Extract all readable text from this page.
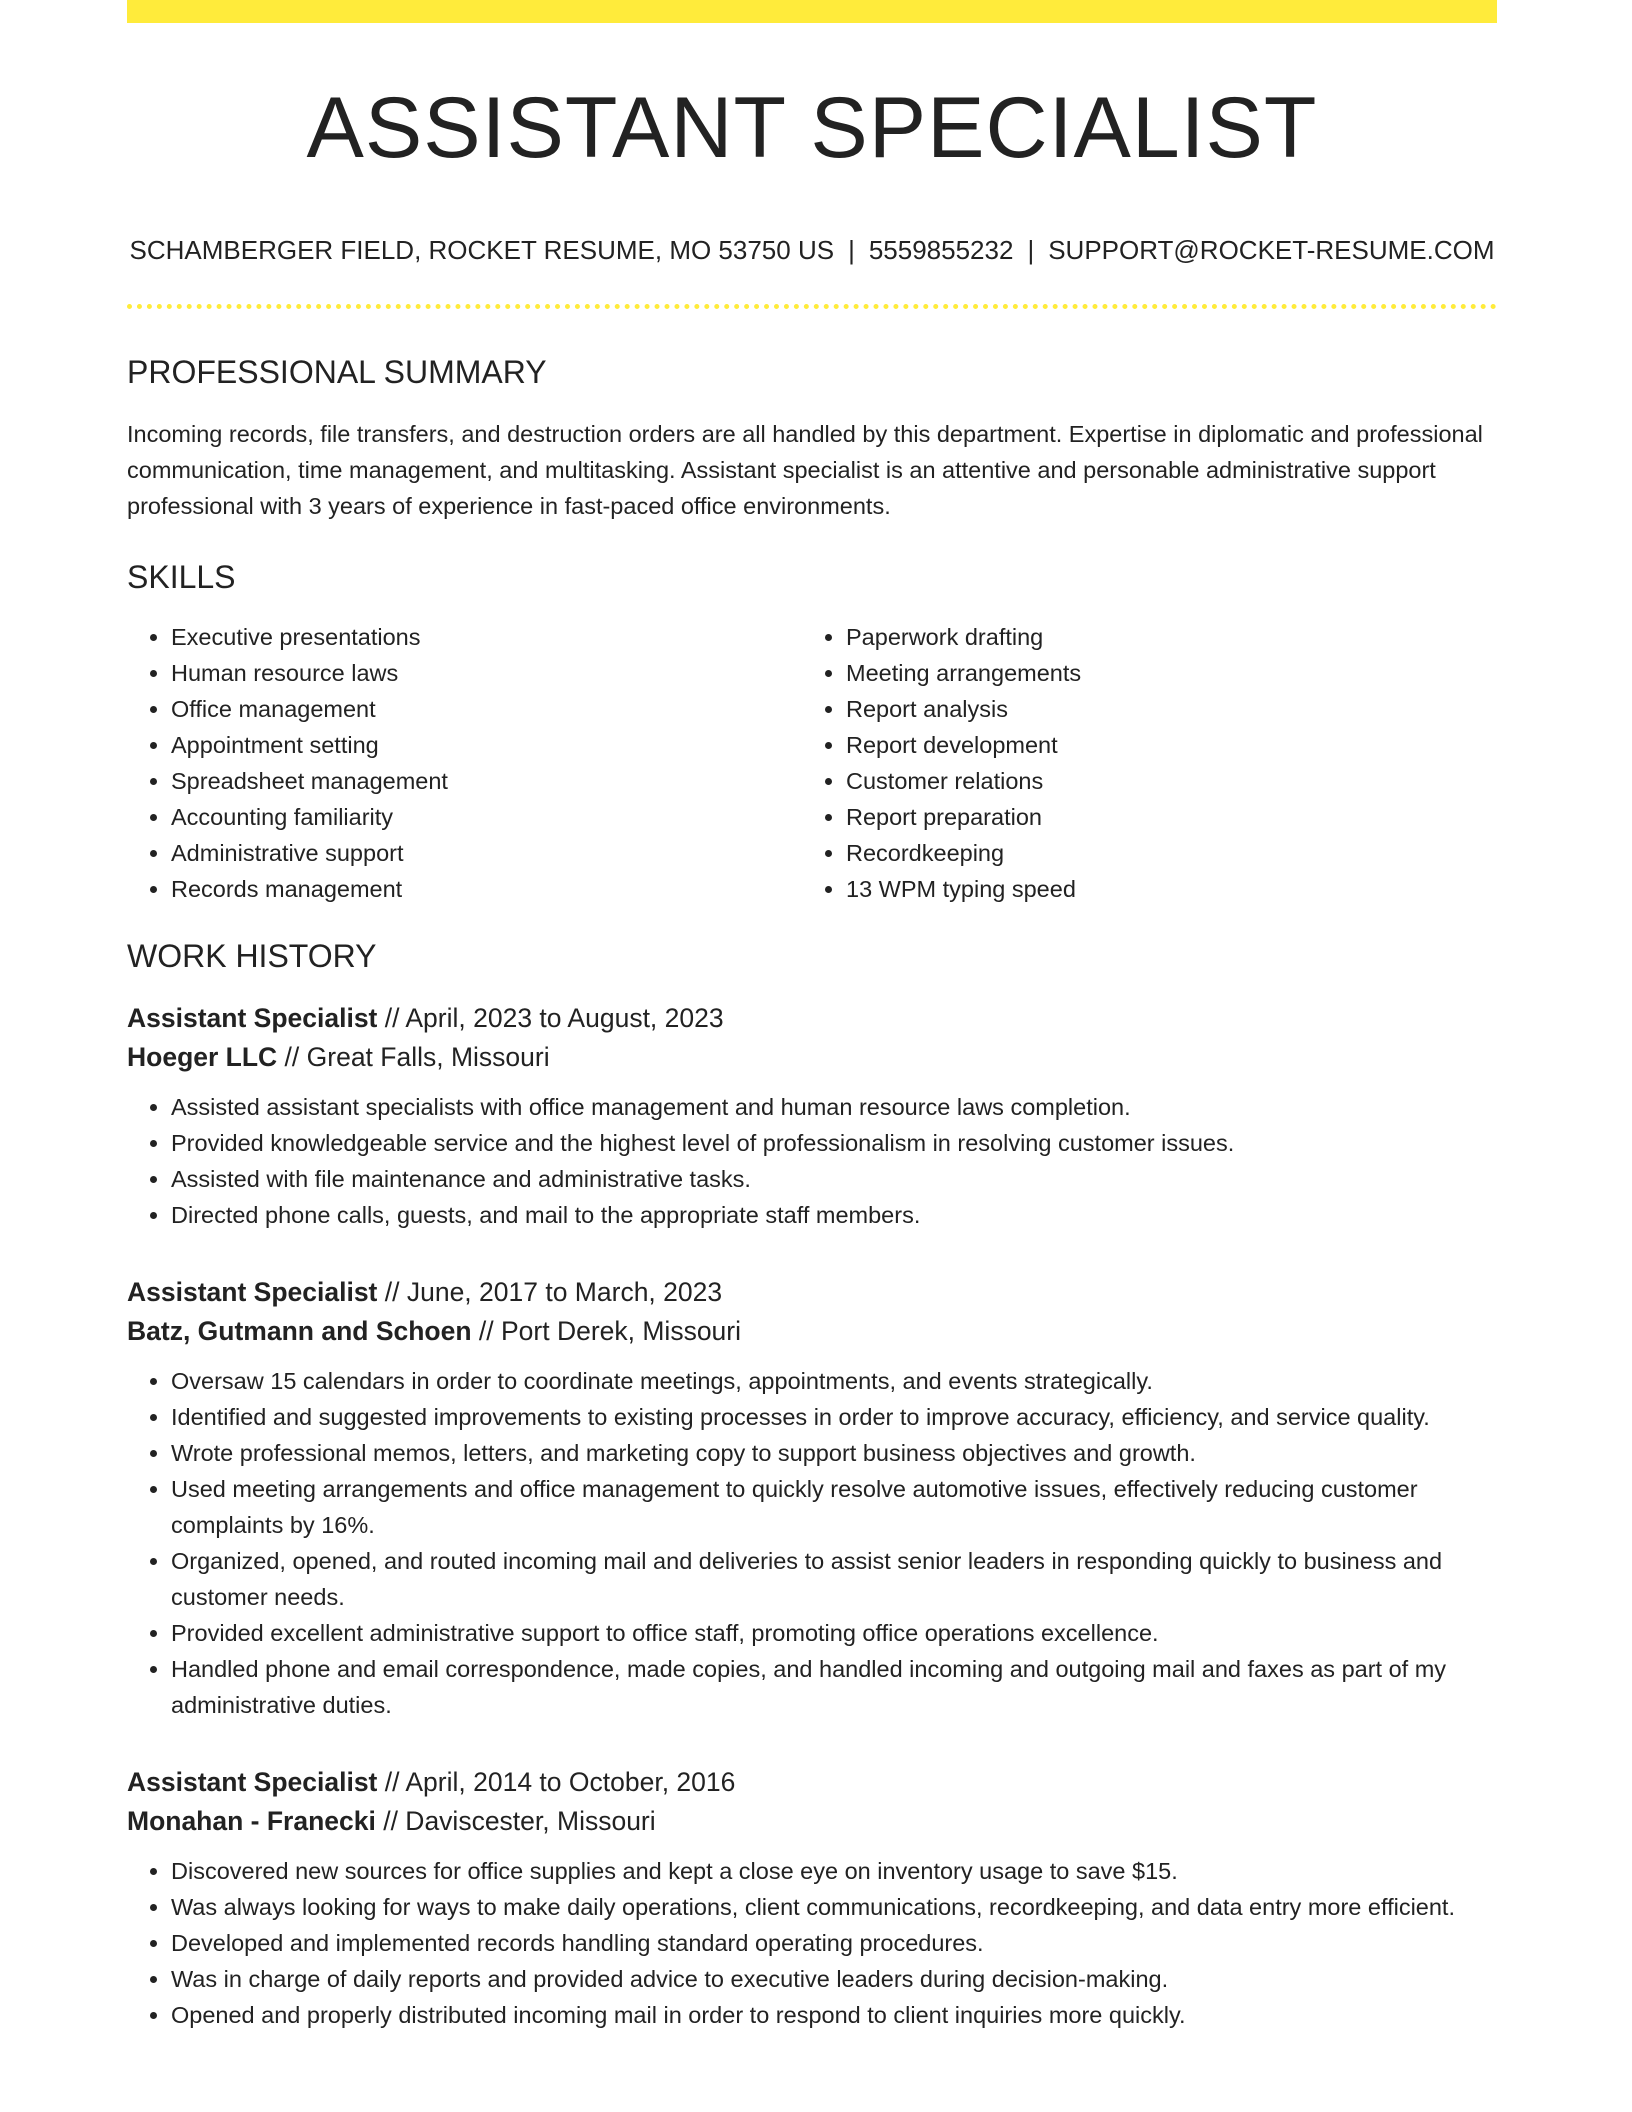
ASSISTANT SPECIALIST
SCHAMBERGER FIELD, ROCKET RESUME, MO 53750 US | 5559855232 | SUPPORT@ROCKET-RESUME.COM
PROFESSIONAL SUMMARY
Incoming records, file transfers, and destruction orders are all handled by this department. Expertise in diplomatic and professional communication, time management, and multitasking. Assistant specialist is an attentive and personable administrative support professional with 3 years of experience in fast-paced office environments.
SKILLS
• Executive presentations
• Human resource laws
• Office management
• Appointment setting
• Spreadsheet management
• Accounting familiarity
• Administrative support
• Records management
• Paperwork drafting
• Meeting arrangements
• Report analysis
• Report development
• Customer relations
• Report preparation
• Recordkeeping
• 13 WPM typing speed
WORK HISTORY
Assistant Specialist // April, 2023 to August, 2023
Hoeger LLC // Great Falls, Missouri
• Assisted assistant specialists with office management and human resource laws completion.
• Provided knowledgeable service and the highest level of professionalism in resolving customer issues.
• Assisted with file maintenance and administrative tasks.
• Directed phone calls, guests, and mail to the appropriate staff members.
Assistant Specialist // June, 2017 to March, 2023
Batz, Gutmann and Schoen // Port Derek, Missouri
• Oversaw 15 calendars in order to coordinate meetings, appointments, and events strategically.
• Identified and suggested improvements to existing processes in order to improve accuracy, efficiency, and service quality.
• Wrote professional memos, letters, and marketing copy to support business objectives and growth.
• Used meeting arrangements and office management to quickly resolve automotive issues, effectively reducing customer complaints by 16%.
• Organized, opened, and routed incoming mail and deliveries to assist senior leaders in responding quickly to business and customer needs.
• Provided excellent administrative support to office staff, promoting office operations excellence.
• Handled phone and email correspondence, made copies, and handled incoming and outgoing mail and faxes as part of my administrative duties.
Assistant Specialist // April, 2014 to October, 2016
Monahan - Franecki // Daviscester, Missouri
• Discovered new sources for office supplies and kept a close eye on inventory usage to save $15.
• Was always looking for ways to make daily operations, client communications, recordkeeping, and data entry more efficient.
• Developed and implemented records handling standard operating procedures.
• Was in charge of daily reports and provided advice to executive leaders during decision-making.
• Opened and properly distributed incoming mail in order to respond to client inquiries more quickly.
